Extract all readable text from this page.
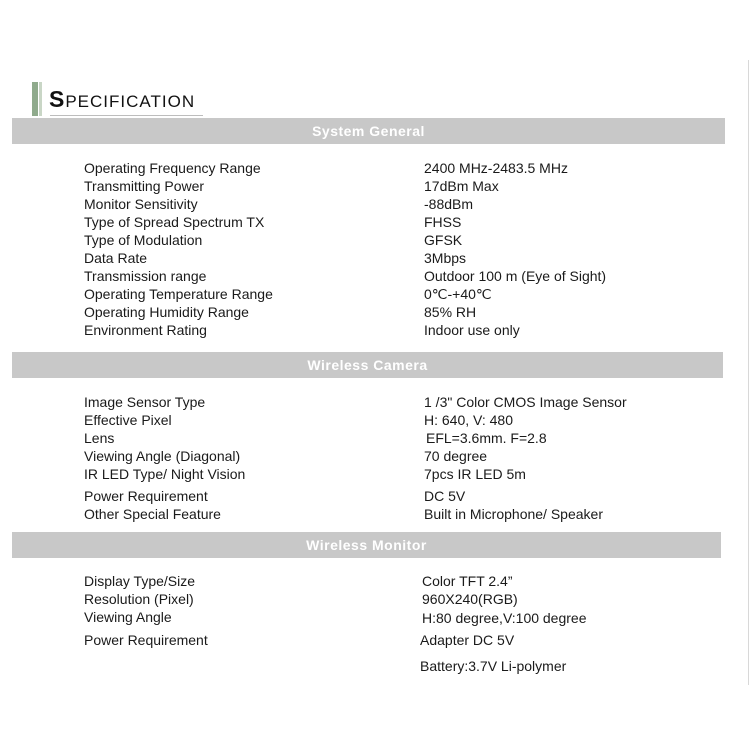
SPECIFICATION
System General
Operating Frequency Range	2400 MHz-2483.5 MHz
Transmitting Power	17dBm Max
Monitor Sensitivity	-88dBm
Type of Spread Spectrum TX	FHSS
Type of Modulation	GFSK
Data Rate	3Mbps
Transmission range	Outdoor 100 m (Eye of Sight)
Operating Temperature Range	0℃-+40℃
Operating Humidity Range	85% RH
Environment Rating	Indoor use only
Wireless Camera
Image Sensor Type	1 /3" Color CMOS Image Sensor
Effective Pixel	H: 640, V: 480
Lens	EFL=3.6mm. F=2.8
Viewing Angle (Diagonal)	70 degree
IR LED Type/ Night Vision	7pcs IR LED 5m
Power Requirement	DC 5V
Other Special Feature	Built in Microphone/ Speaker
Wireless Monitor
Display Type/Size	Color TFT 2.4”
Resolution (Pixel)	960X240(RGB)
Viewing Angle	H:80 degree,V:100 degree
Power Requirement	Adapter DC 5V
Battery:3.7V Li-polymer
